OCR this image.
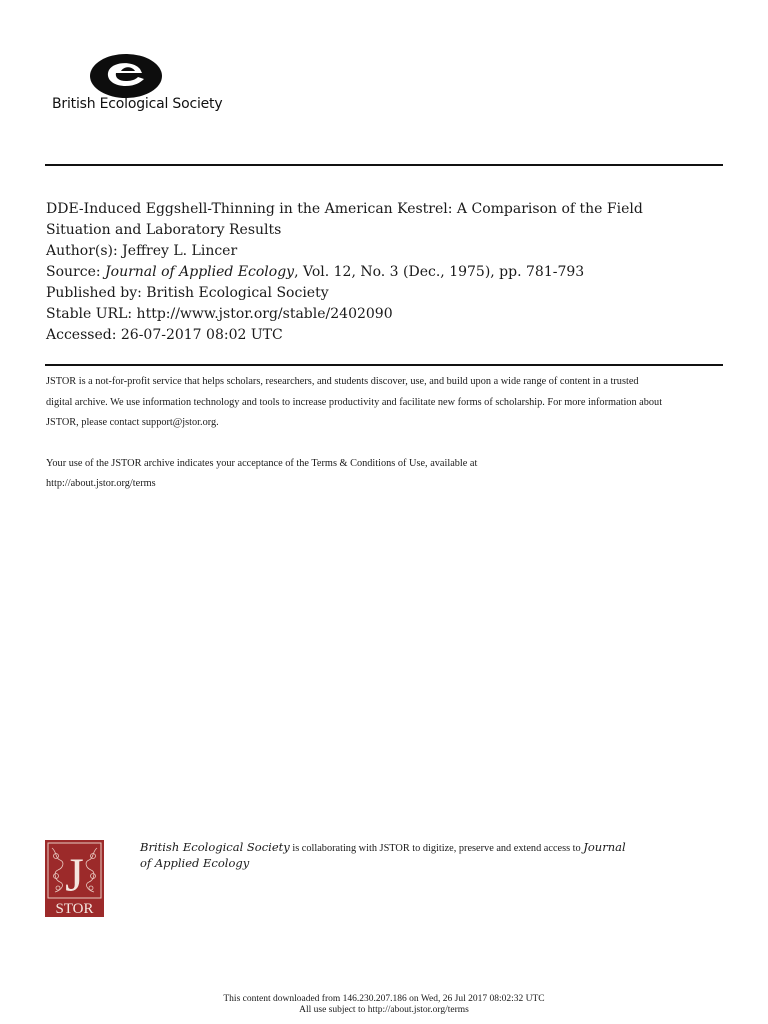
British Ecological Society
DDE-Induced Eggshell-Thinning in the American Kestrel: A Comparison of the Field
Situation and Laboratory Results
Author(s): Jeffrey L. Lincer
Source: Journal of Applied Ecology, Vol. 12, No. 3 (Dec., 1975), pp. 781-793
Published by: British Ecological Society
Stable URL: http://www.jstor.org/stable/2402090
Accessed: 26-07-2017 08:02 UTC

JSTOR is a not-for-profit service that helps scholars, researchers, and students discover, use, and build upon a wide range of content in a trusted

digital archive. We use information technology and tools to increase productivity and facilitate new forms of scholarship. For more information about

JSTOR, please contact support@jstor.org.

Your use of the JSTOR archive indicates your acceptance of the Terms & Conditions of Use, available at

http://about.jstor.org/terms

J
STOR
British Ecological Society is collaborating with JSTOR to digitize, preserve and extend access to Journal
of Applied Ecology
This content downloaded from 146.230.207.186 on Wed, 26 Jul 2017 08:02:32 UTC
All use subject to http://about.jstor.org/terms
